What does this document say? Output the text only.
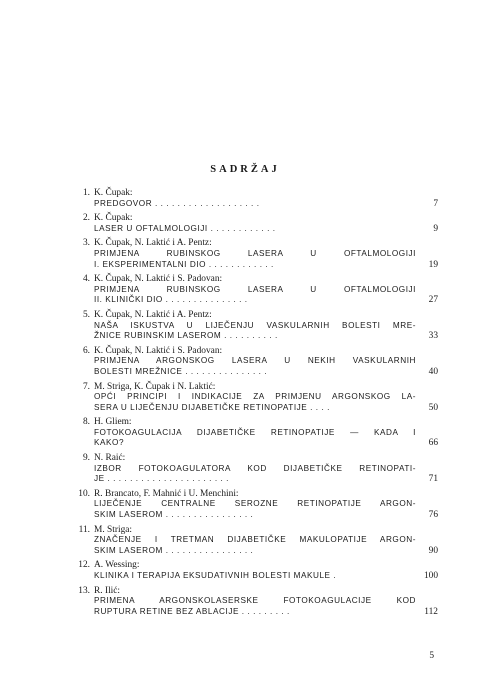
SADRŽAJ
1. K. Čupak:
PREDGOVOR . . . . . . . . . . . . . . . . . . .	7
2. K. Čupak:
LASER U OFTALMOLOGIJI . . . . . . . . . . . .	9
3. K. Čupak, N. Laktić i A. Pentz:
PRIMJENA RUBINSKOG LASERA U OFTALMOLOGIJI
I. EKSPERIMENTALNI DIO . . . . . . . . . . . .	19
4. K. Čupak, N. Laktić i S. Padovan:
PRIMJENA RUBINSKOG LASERA U OFTALMOLOGIJI
II. KLINIČKI DIO . . . . . . . . . . . . . . .	27
5. K. Čupak, N. Laktić i A. Pentz:
NAŠA ISKUSTVA U LIJEČENJU VASKULARNIH BOLESTI MRE-
ŽNICE RUBINSKIM LASEROM . . . . . . . . . .	33
6. K. Čupak, N. Laktić i S. Padovan:
PRIMJENA ARGONSKOG LASERA U NEKIH VASKULARNIH
BOLESTI MREŽNICE . . . . . . . . . . . . . . .	40
7. M. Striga, K. Čupak i N. Laktić:
OPĆI PRINCIPI I INDIKACIJE ZA PRIMJENU ARGONSKOG LA-
SERA U LIJEČENJU DIJABETIČKE RETINOPATIJE . . . .	50
8. H. Gliem:
FOTOKOAGULACIJA DIJABETIČKE RETINOPATIJE — KADA I
KAKO?	66
9. N. Raić:
IZBOR FOTOKOAGULATORA KOD DIJABETIČKE RETINOPATI-
JE . . . . . . . . . . . . . . . . . . . . . .	71
10. R. Brancato, F. Mahnić i U. Menchini:
LIJEČENJE CENTRALNE SEROZNE RETINOPATIJE ARGON-
SKIM LASEROM . . . . . . . . . . . . . . . .	76
11. M. Striga:
ZNAČENJE I TRETMAN DIJABETIČKE MAKULOPATIJE ARGON-
SKIM LASEROM . . . . . . . . . . . . . . . .	90
12. A. Wessing:
KLINIKA I TERAPIJA EKSUDATIVNIH BOLESTI MAKULE .	100
13. R. Ilić:
PRIMENA ARGONSKOLASERSKE FOTOKOAGULACIJE KOD
RUPTURA RETINE BEZ ABLACIJE . . . . . . . . .	112
5
